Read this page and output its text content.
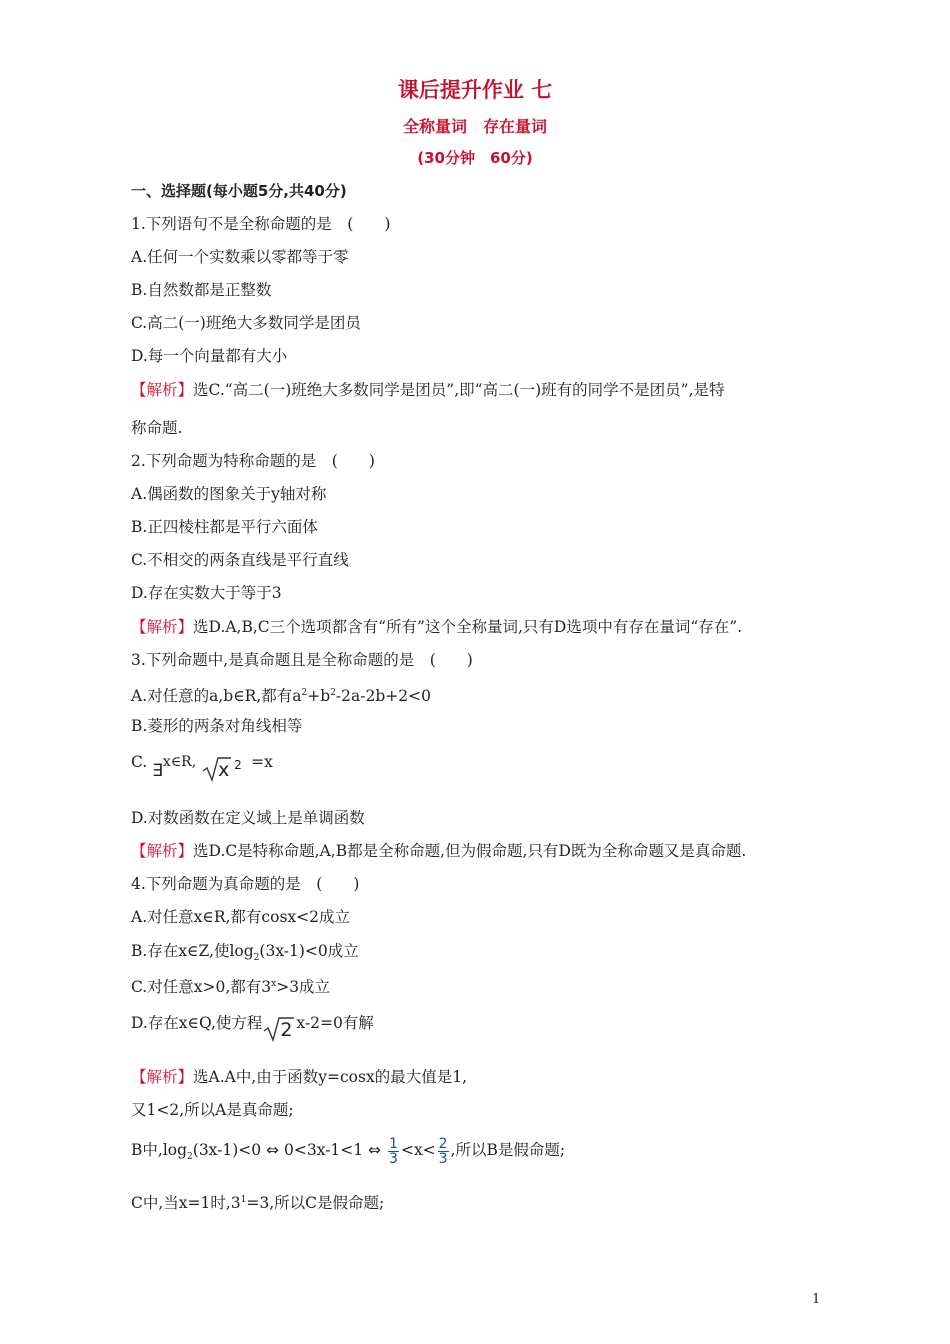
课后提升作业 七
全称量词　存在量词
(30分钟　60分)
一、选择题(每小题5分,共40分)
1.下列语句不是全称命题的是　(　　)
A.任何一个实数乘以零都等于零
B.自然数都是正整数
C.高二(一)班绝大多数同学是团员
D.每一个向量都有大小
【解析】选C.“高二(一)班绝大多数同学是团员”,即“高二(一)班有的同学不是团员”,是特
称命题.
2.下列命题为特称命题的是　(　　)
A.偶函数的图象关于y轴对称
B.正四棱柱都是平行六面体
C.不相交的两条直线是平行直线
D.存在实数大于等于3
【解析】选D.A,B,C三个选项都含有“所有”这个全称量词,只有D选项中有存在量词“存在”.
3.下列命题中,是真命题且是全称命题的是　(　　)
A.对任意的a,b∈R,都有$a^2+b^2-2a-2b+2<0$
B.菱形的两条对角线相等
C. ∃x∈R, x 2 =x
D.对数函数在定义域上是单调函数
【解析】选D.C是特称命题,A,B都是全称命题,但为假命题,只有D既为全称命题又是真命题.
4.下列命题为真命题的是　(　　)
A.对任意x∈R,都有cosx<2成立
B.存在x∈Z,使$\log_2(3x-1)<0$成立
C.对任意x>0,都有$3^x>3$成立
D.存在x∈Q,使方程 2 x-2=0有解
【解析】选A.A中,由于函数y=cosx的最大值是1,
又1<2,所以A是真命题;
B中$,\log_2(3x-1)<0$ ⇔ 0<3x-1<1 ⇔ $\frac{1}{3} <x< \frac{2}{3}$ ,所以B是假命题;
C中,当x=1时$,3^1=3$,所以C是假命题;
1
